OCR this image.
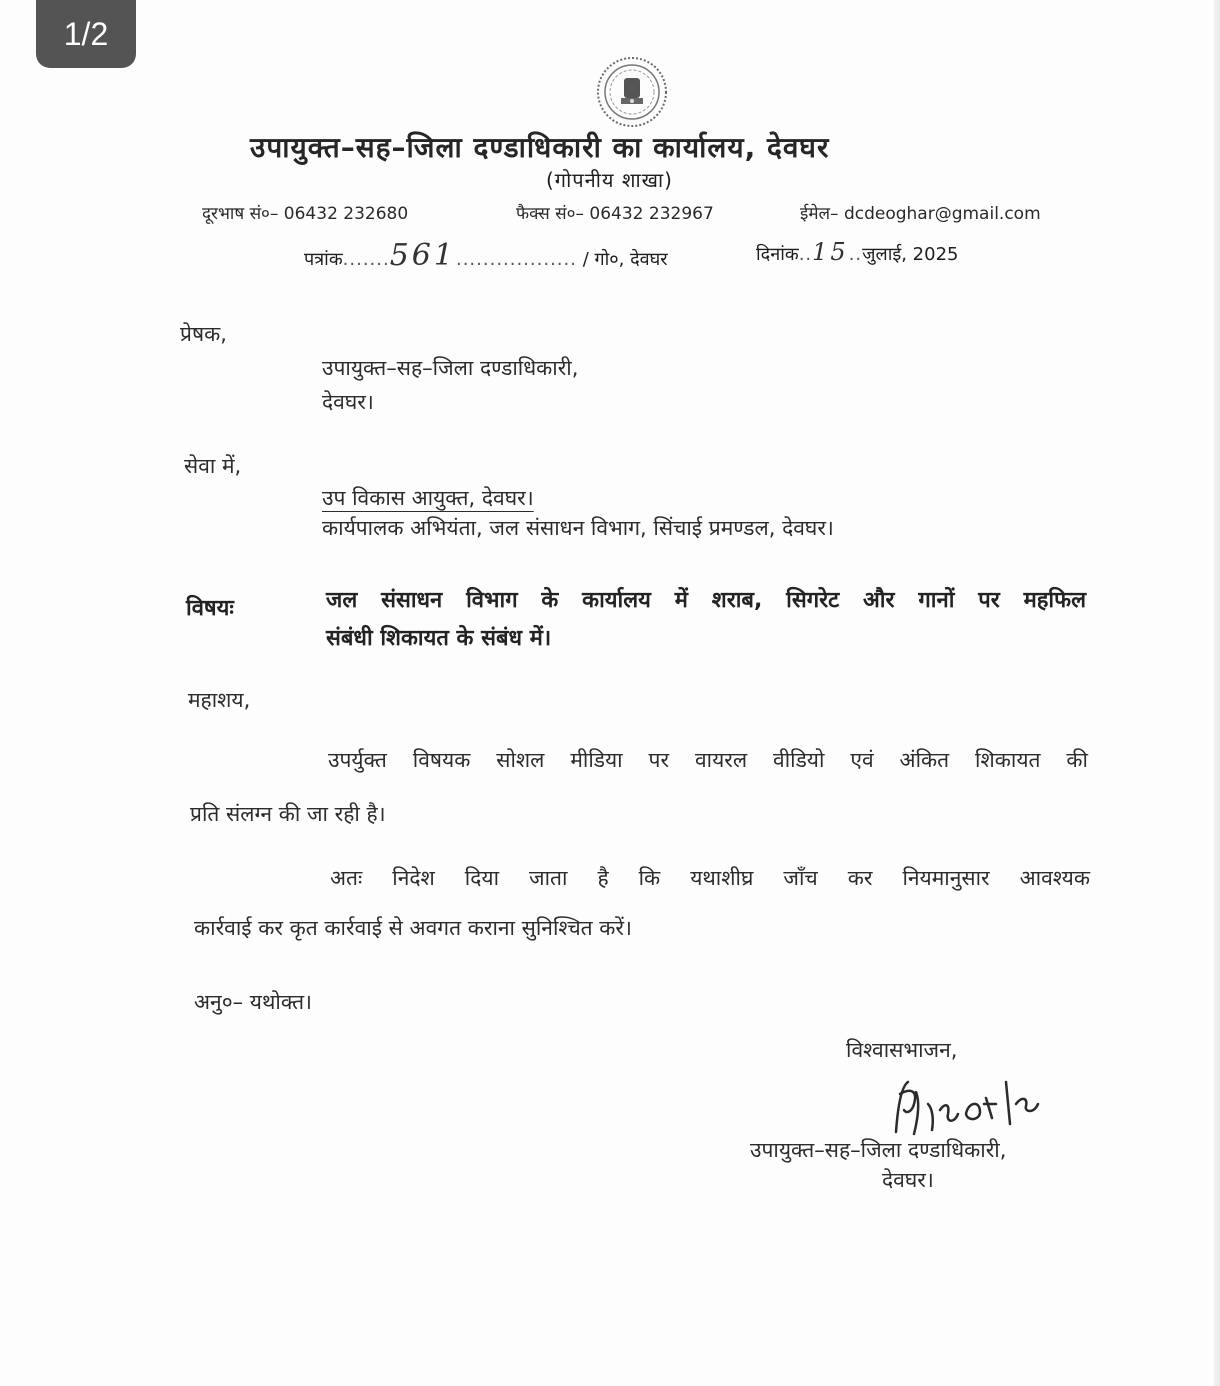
1/2
उपायुक्त–सह–जिला दण्डाधिकारी का कार्यालय, देवघर
(गोपनीय शाखा)
दूरभाष सं०– 06432 232680	फैक्स सं०– 06432 232967	ईमेल– dcdeoghar@gmail.com
पत्रांक.......561.................. / गो०, देवघर	दिनांक..15..जुलाई, 2025
प्रेषक,
उपायुक्त–सह–जिला दण्डाधिकारी,
देवघर।
सेवा में,
उप विकास आयुक्त, देवघर।
कार्यपालक अभियंता, जल संसाधन विभाग, सिंचाई प्रमण्डल, देवघर।
विषयः	जल संसाधन विभाग के कार्यालय में शराब, सिगरेट और गानों पर महफिल
संबंधी शिकायत के संबंध में।
महाशय,
उपर्युक्त विषयक सोशल मीडिया पर वायरल वीडियो एवं अंकित शिकायत की
प्रति संलग्न की जा रही है।
अतः निदेश दिया जाता है कि यथाशीघ्र जाँच कर नियमानुसार आवश्यक
कार्रवाई कर कृत कार्रवाई से अवगत कराना सुनिश्चित करें।
अनु०– यथोक्त।
विश्वासभाजन,
उपायुक्त–सह–जिला दण्डाधिकारी,
देवघर।
